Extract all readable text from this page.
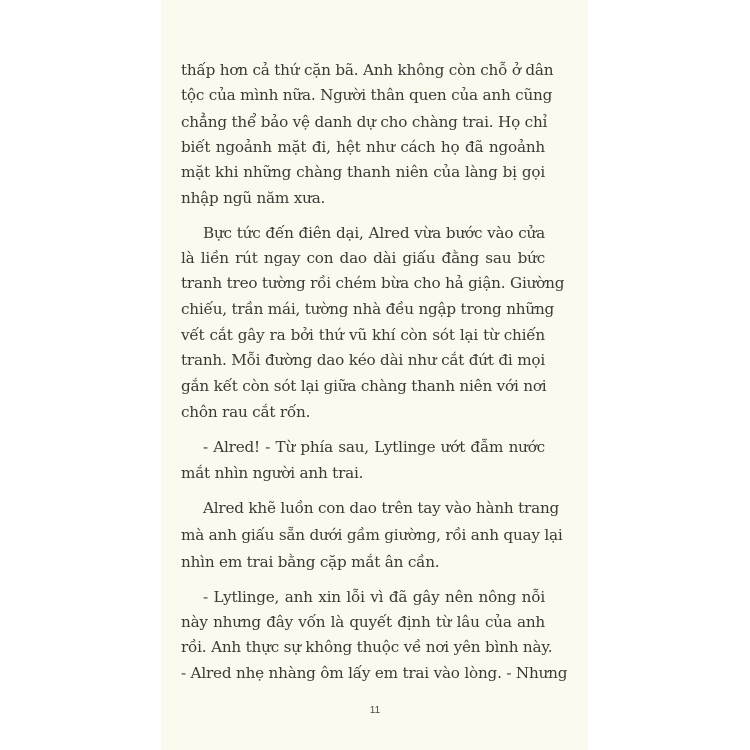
thấp hơn cả thứ cặn bã. Anh không còn chỗ ở dân
tộc của mình nữa. Người thân quen của anh cũng
chẳng thể bảo vệ danh dự cho chàng trai. Họ chỉ
biết ngoảnh mặt đi, hệt như cách họ đã ngoảnh
mặt khi những chàng thanh niên của làng bị gọi
nhập ngũ năm xưa.
Bực tức đến điên dại, Alred vừa bước vào cửa
là liền rút ngay con dao dài giấu đằng sau bức
tranh treo tường rồi chém bừa cho hả giận. Giường
chiếu, trần mái, tường nhà đều ngập trong những
vết cắt gây ra bởi thứ vũ khí còn sót lại từ chiến
tranh. Mỗi đường dao kéo dài như cắt đứt đi mọi
gắn kết còn sót lại giữa chàng thanh niên với nơi
chôn rau cắt rốn.
- Alred! - Từ phía sau, Lytlinge ướt đẫm nước
mắt nhìn người anh trai.
Alred khẽ luồn con dao trên tay vào hành trang
mà anh giấu sẵn dưới gầm giường, rồi anh quay lại
nhìn em trai bằng cặp mắt ân cần.
- Lytlinge, anh xin lỗi vì đã gây nên nông nỗi
này nhưng đây vốn là quyết định từ lâu của anh
rồi. Anh thực sự không thuộc về nơi yên bình này.
- Alred nhẹ nhàng ôm lấy em trai vào lòng. - Nhưng
11
